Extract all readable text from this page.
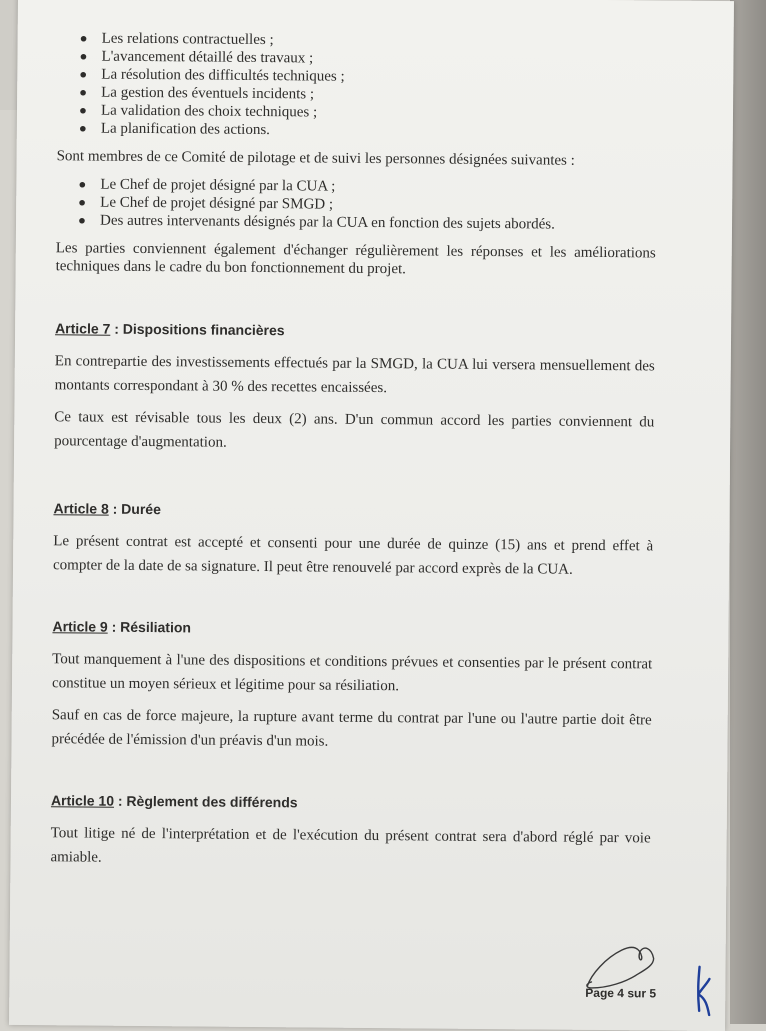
● Les relations contractuelles ;
● L'avancement détaillé des travaux ;
● La résolution des difficultés techniques ;
● La gestion des éventuels incidents ;
● La validation des choix techniques ;
● La planification des actions.

Sont membres de ce Comité de pilotage et de suivi les personnes désignées suivantes :

● Le Chef de projet désigné par la CUA ;
● Le Chef de projet désigné par SMGD ;
● Des autres intervenants désignés par la CUA en fonction des sujets abordés.

Les parties conviennent également d'échanger régulièrement les réponses et les améliorations techniques dans le cadre du bon fonctionnement du projet.

Article 7 : Dispositions financières

En contrepartie des investissements effectués par la SMGD, la CUA lui versera mensuellement des montants correspondant à 30 % des recettes encaissées.

Ce taux est révisable tous les deux (2) ans. D'un commun accord les parties conviennent du pourcentage d'augmentation.

Article 8 : Durée

Le présent contrat est accepté et consenti pour une durée de quinze (15) ans et prend effet à compter de la date de sa signature. Il peut être renouvelé par accord exprès de la CUA.

Article 9 : Résiliation

Tout manquement à l'une des dispositions et conditions prévues et consenties par le présent contrat constitue un moyen sérieux et légitime pour sa résiliation.

Sauf en cas de force majeure, la rupture avant terme du contrat par l'une ou l'autre partie doit être précédée de l'émission d'un préavis d'un mois.

Article 10 : Règlement des différends

Tout litige né de l'interprétation et de l'exécution du présent contrat sera d'abord réglé par voie amiable.

Page 4 sur 5
